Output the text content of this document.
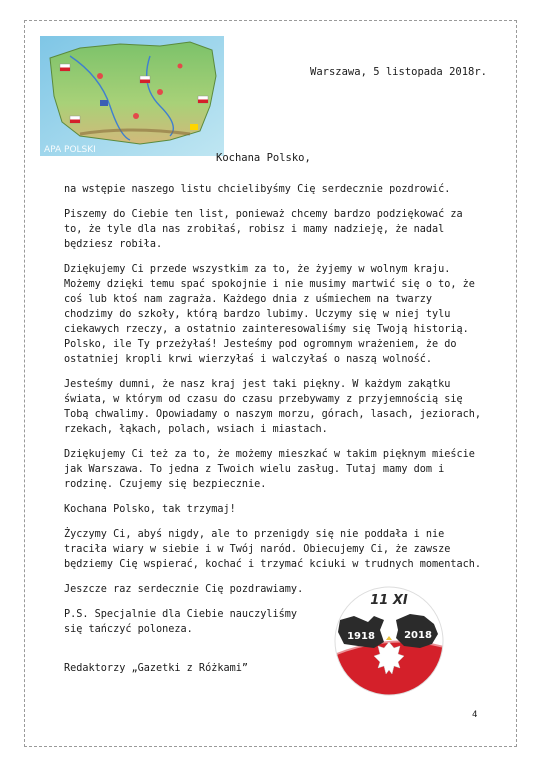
APA POLSKI
Warszawa, 5 listopada 2018r.
Kochana Polsko,

na wstępie naszego listu chcielibyśmy Cię serdecznie pozdrowić.

Piszemy do Ciebie ten list, ponieważ chcemy bardzo podziękować za to, że tyle dla nas zrobiłaś, robisz i mamy nadzieję, że nadal będziesz robiła.

Dziękujemy Ci przede wszystkim za to, że żyjemy w wolnym kraju. Możemy dzięki temu spać spokojnie i nie musimy martwić się o to, że coś lub ktoś nam zagraża. Każdego dnia z uśmiechem na twarzy chodzimy do szkoły, którą bardzo lubimy. Uczymy się w niej tylu ciekawych rzeczy, a ostatnio zainteresowaliśmy się Twoją historią. Polsko, ile Ty przeżyłaś! Jesteśmy pod ogromnym wrażeniem, że do ostatniej kropli krwi wierzyłaś i walczyłaś o naszą wolność.

Jesteśmy dumni, że nasz kraj jest taki piękny. W każdym zakątku świata, w którym od czasu do czasu przebywamy z przyjemnością się Tobą chwalimy. Opowiadamy o naszym morzu, górach, lasach, jeziorach, rzekach, łąkach, polach, wsiach i miastach.

Dziękujemy Ci też za to, że możemy mieszkać w takim pięknym mieście jak Warszawa. To jedna z Twoich wielu zasług. Tutaj mamy dom i rodzinę. Czujemy się bezpiecznie.

Kochana Polsko, tak trzymaj!

Życzymy Ci, abyś nigdy, ale to przenigdy się nie poddała i nie traciła wiary w siebie i w Twój naród. Obiecujemy Ci, że zawsze będziemy Cię wspierać, kochać i trzymać kciuki w trudnych momentach.

Jeszcze raz serdecznie Cię pozdrawiamy.

P.S. Specjalnie dla Ciebie nauczyliśmy się tańczyć poloneza.

Redaktorzy „Gazetki z Różkami”

11 XI
1918	2018
4
